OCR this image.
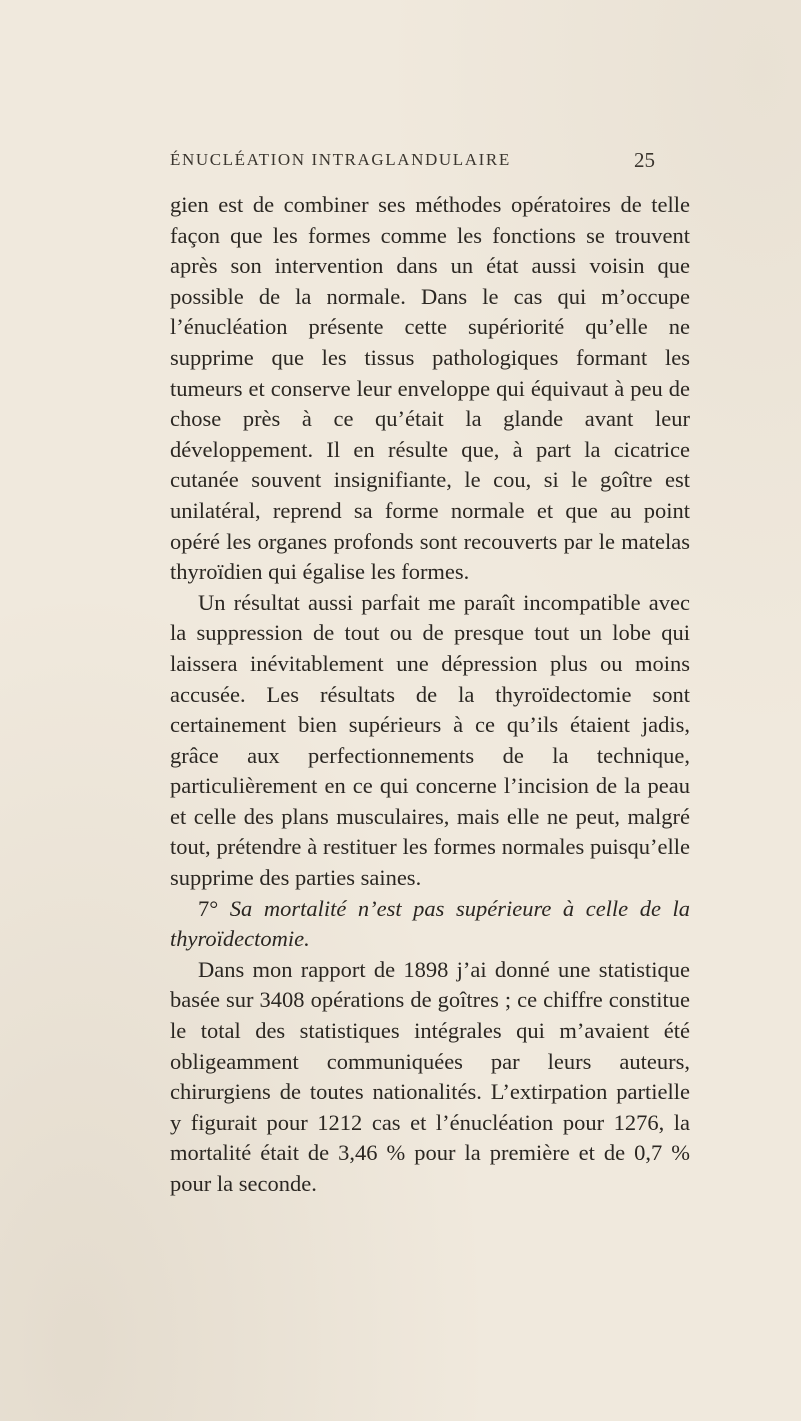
ÉNUCLÉATION INTRAGLANDULAIRE	25

gien est de combiner ses méthodes opératoires de telle façon que les formes comme les fonctions se trouvent après son intervention dans un état aussi voisin que possible de la normale. Dans le cas qui m’occupe l’énucléation présente cette supériorité qu’elle ne supprime que les tissus pathologiques formant les tumeurs et conserve leur enveloppe qui équivaut à peu de chose près à ce qu’était la glande avant leur développement. Il en résulte que, à part la cicatrice cutanée souvent insignifiante, le cou, si le goître est unilatéral, reprend sa forme normale et que au point opéré les organes profonds sont recouverts par le matelas thyroïdien qui égalise les formes.

Un résultat aussi parfait me paraît incompatible avec la suppression de tout ou de presque tout un lobe qui laissera inévitablement une dépression plus ou moins accusée. Les résultats de la thyroïdectomie sont certainement bien supérieurs à ce qu’ils étaient jadis, grâce aux perfectionnements de la technique, particulièrement en ce qui concerne l’incision de la peau et celle des plans musculaires, mais elle ne peut, malgré tout, prétendre à restituer les formes normales puisqu’elle supprime des parties saines.

7° Sa mortalité n’est pas supérieure à celle de la thyroïdectomie.

Dans mon rapport de 1898 j’ai donné une statistique basée sur 3408 opérations de goîtres ; ce chiffre constitue le total des statistiques intégrales qui m’avaient été obligeamment communiquées par leurs auteurs, chirurgiens de toutes nationalités. L’extirpation partielle y figurait pour 1212 cas et l’énucléation pour 1276, la mortalité était de 3,46 % pour la première et de 0,7 % pour la seconde.
